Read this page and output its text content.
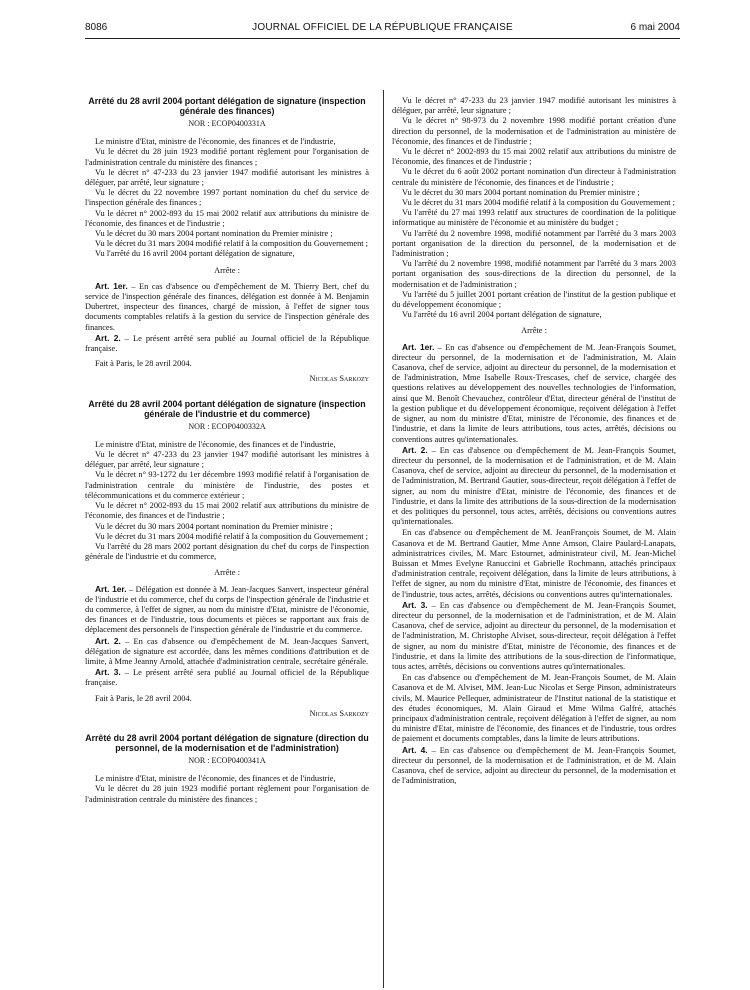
8086	JOURNAL OFFICIEL DE LA RÉPUBLIQUE FRANÇAISE	6 mai 2004
Arrêté du 28 avril 2004 portant délégation de signature (inspection générale des finances)
NOR : ECOP0400331A

Le ministre d'Etat, ministre de l'économie, des finances et de l'industrie,

Vu le décret du 28 juin 1923 modifié portant règlement pour l'organisation de l'administration centrale du ministère des finances ;

Vu le décret n° 47-233 du 23 janvier 1947 modifié autorisant les ministres à déléguer, par arrêté, leur signature ;

Vu le décret du 22 novembre 1997 portant nomination du chef du service de l'inspection générale des finances ;

Vu le décret n° 2002-893 du 15 mai 2002 relatif aux attributions du ministre de l'économie, des finances et de l'industrie ;

Vu le décret du 30 mars 2004 portant nomination du Premier ministre ;

Vu le décret du 31 mars 2004 modifié relatif à la composition du Gouvernement ;

Vu l'arrêté du 16 avril 2004 portant délégation de signature,

Arrête :

Art. 1er. – En cas d'absence ou d'empêchement de M. Thierry Bert, chef du service de l'inspection générale des finances, délégation est donnée à M. Benjamin Dubertret, inspecteur des finances, chargé de mission, à l'effet de signer tous documents comptables relatifs à la gestion du service de l'inspection générale des finances.

Art. 2. – Le présent arrêté sera publié au Journal officiel de la République française.

Fait à Paris, le 28 avril 2004.

Nicolas Sarkozy

Arrêté du 28 avril 2004 portant délégation de signature (inspection générale de l'industrie et du commerce)
NOR : ECOP0400332A

Le ministre d'Etat, ministre de l'économie, des finances et de l'industrie,

Vu le décret n° 47-233 du 23 janvier 1947 modifié autorisant les ministres à déléguer, par arrêté, leur signature ;

Vu le décret n° 93-1272 du 1er décembre 1993 modifié relatif à l'organisation de l'administration centrale du ministère de l'industrie, des postes et télécommunications et du commerce extérieur ;

Vu le décret n° 2002-893 du 15 mai 2002 relatif aux attributions du ministre de l'économie, des finances et de l'industrie ;

Vu le décret du 30 mars 2004 portant nomination du Premier ministre ;

Vu le décret du 31 mars 2004 modifié relatif à la composition du Gouvernement ;

Vu l'arrêté du 28 mars 2002 portant désignation du chef du corps de l'inspection générale de l'industrie et du commerce,

Arrête :

Art. 1er. – Délégation est donnée à M. Jean-Jacques Sanvert, inspecteur général de l'industrie et du commerce, chef du corps de l'inspection générale de l'industrie et du commerce, à l'effet de signer, au nom du ministre d'Etat, ministre de l'économie, des finances et de l'industrie, tous documents et pièces se rapportant aux frais de déplacement des personnels de l'inspection générale de l'industrie et du commerce.

Art. 2. – En cas d'absence ou d'empêchement de M. Jean-Jacques Sanvert, délégation de signature est accordée, dans les mêmes conditions d'attribution et de limite, à Mme Jeanny Arnold, attachée d'administration centrale, secrétaire générale.

Art. 3. – Le présent arrêté sera publié au Journal officiel de la République française.

Fait à Paris, le 28 avril 2004.

Nicolas Sarkozy

Arrêté du 28 avril 2004 portant délégation de signature (direction du personnel, de la modernisation et de l'administration)
NOR : ECOP0400341A

Le ministre d'Etat, ministre de l'économie, des finances et de l'industrie,

Vu le décret du 28 juin 1923 modifié portant règlement pour l'organisation de l'administration centrale du ministère des finances ;

Vu le décret n° 47-233 du 23 janvier 1947 modifié autorisant les ministres à déléguer, par arrêté, leur signature ;

Vu le décret n° 98-973 du 2 novembre 1998 modifié portant création d'une direction du personnel, de la modernisation et de l'administration au ministère de l'économie, des finances et de l'industrie ;

Vu le décret n° 2002-893 du 15 mai 2002 relatif aux attributions du ministre de l'économie, des finances et de l'industrie ;

Vu le décret du 6 août 2002 portant nomination d'un directeur à l'administration centrale du ministère de l'économie, des finances et de l'industrie ;

Vu le décret du 30 mars 2004 portant nomination du Premier ministre ;

Vu le décret du 31 mars 2004 modifié relatif à la composition du Gouvernement ;

Vu l'arrêté du 27 mai 1993 relatif aux structures de coordination de la politique informatique au ministère de l'économie et au ministère du budget ;

Vu l'arrêté du 2 novembre 1998, modifié notamment par l'arrêté du 3 mars 2003 portant organisation de la direction du personnel, de la modernisation et de l'administration ;

Vu l'arrêté du 2 novembre 1998, modifié notamment par l'arrêté du 3 mars 2003 portant organisation des sous-directions de la direction du personnel, de la modernisation et de l'administration ;

Vu l'arrêté du 5 juillet 2001 portant création de l'institut de la gestion publique et du développement économique ;

Vu l'arrêté du 16 avril 2004 portant délégation de signature,

Arrête :

Art. 1er. – En cas d'absence ou d'empêchement de M. Jean-François Soumet, directeur du personnel, de la modernisation et de l'administration, M. Alain Casanova, chef de service, adjoint au directeur du personnel, de la modernisation et de l'administration, Mme Isabelle Roux-Trescases, chef de service, chargée des questions relatives au développement des nouvelles technologies de l'information, ainsi que M. Benoît Chevauchez, contrôleur d'Etat, directeur général de l'institut de la gestion publique et du développement économique, reçoivent délégation à l'effet de signer, au nom du ministre d'Etat, ministre de l'économie, des finances et de l'industrie, et dans la limite de leurs attributions, tous actes, arrêtés, décisions ou conventions autres qu'internationales.

Art. 2. – En cas d'absence ou d'empêchement de M. Jean-François Soumet, directeur du personnel, de la modernisation et de l'administration, et de M. Alain Casanova, chef de service, adjoint au directeur du personnel, de la modernisation et de l'administration, M. Bertrand Gautier, sous-directeur, reçoit délégation à l'effet de signer, au nom du ministre d'Etat, ministre de l'économie, des finances et de l'industrie, et dans la limite des attributions de la sous-direction de la modernisation et des politiques du personnel, tous actes, arrêtés, décisions ou conventions autres qu'internationales.

En cas d'absence ou d'empêchement de M. JeanFrançois Soumet, de M. Alain Casanova et de M. Bertrand Gautier, Mme Anne Amson, Claire Paulard-Lanapats, administratrices civiles, M. Marc Estournet, administrateur civil, M. Jean-Michel Buissan et Mmes Evelyne Ranuccini et Gabrielle Rochmann, attachés principaux d'administration centrale, reçoivent délégation, dans la limite de leurs attributions, à l'effet de signer, au nom du ministre d'Etat, ministre de l'économie, des finances et de l'industrie, tous actes, arrêtés, décisions ou conventions autres qu'internationales.

Art. 3. – En cas d'absence ou d'empêchement de M. Jean-François Soumet, directeur du personnel, de la modernisation et de l'administration, et de M. Alain Casanova, chef de service, adjoint au directeur du personnel, de la modernisation et de l'administration, M. Christophe Alviset, sous-directeur, reçoit délégation à l'effet de signer, au nom du ministre d'Etat, ministre de l'économie, des finances et de l'industrie, et dans la limite des attributions de la sous-direction de l'informatique, tous actes, arrêtés, décisions ou conventions autres qu'internationales.

En cas d'absence ou d'empêchement de M. Jean-François Soumet, de M. Alain Casanova et de M. Alviset, MM. Jean-Luc Nicolas et Serge Pinson, administrateurs civils, M. Maurice Pellequer, administrateur de l'Institut national de la statistique et des études économiques, M. Alain Giraud et Mme Wilma Galfré, attachés principaux d'administration centrale, reçoivent délégation à l'effet de signer, au nom du ministre d'Etat, ministre de l'économie, des finances et de l'industrie, tous ordres de paiement et documents comptables, dans la limite de leurs attributions.

Art. 4. – En cas d'absence ou d'empêchement de M. Jean-François Soumet, directeur du personnel, de la modernisation et de l'administration, et de M. Alain Casanova, chef de service, adjoint au directeur du personnel, de la modernisation et de l'administration,
